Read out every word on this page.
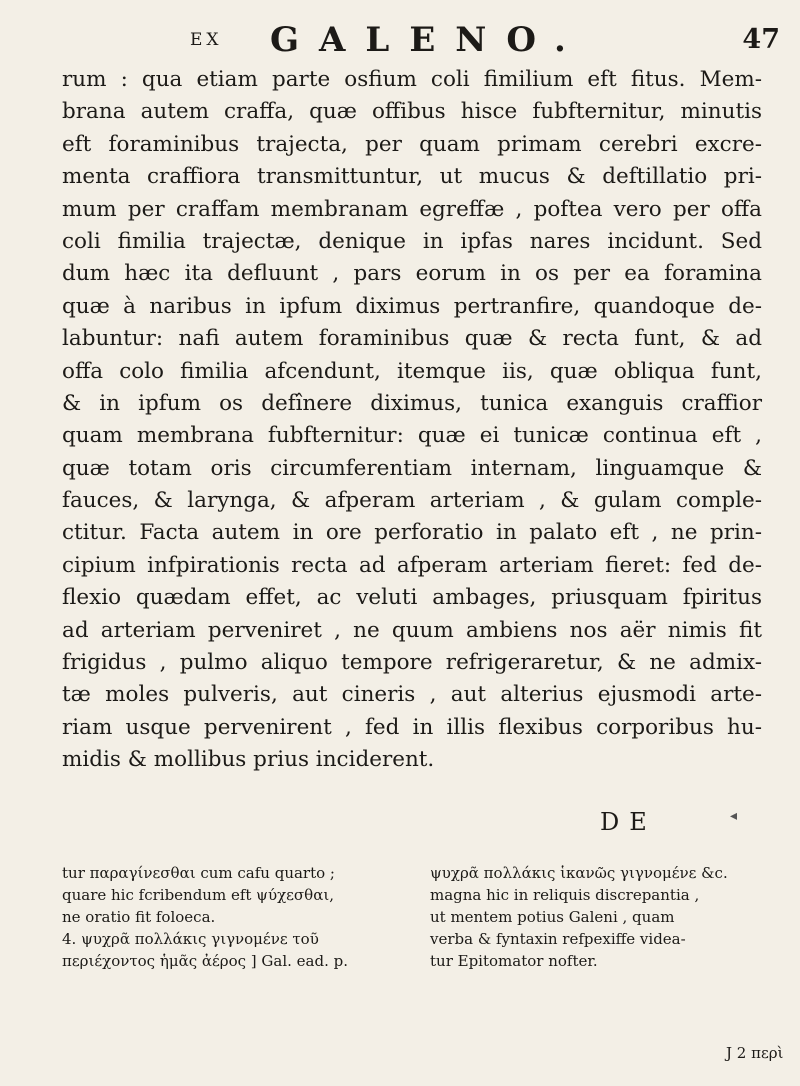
EX GALENO.	47
rum : qua etiam parte osfium coli fimilium eft fitus. Mem-
brana autem craffa, quæ offibus hisce fubfternitur, minutis
eft foraminibus trajecta, per quam primam cerebri excre-
menta craffiora transmittuntur, ut mucus & deftillatio pri-
mum per craffam membranam egreffæ , poftea vero per offa
coli fimilia trajectæ, denique in ipfas nares incidunt. Sed
dum hæc ita defluunt , pars eorum in os per ea foramina
quæ à naribus in ipfum diximus pertranfire, quandoque de-
labuntur: nafi autem foraminibus quæ & recta funt, & ad
offa colo fimilia afcendunt, itemque iis, quæ obliqua funt,
& in ipfum os defînere diximus, tunica exanguis craffior
quam membrana fubfternitur: quæ ei tunicæ continua eft ,
quæ totam oris circumferentiam internam, linguamque &
fauces, & larynga, & afperam arteriam , & gulam comple-
ctitur. Facta autem in ore perforatio in palato eft , ne prin-
cipium infpirationis recta ad afperam arteriam fieret: fed de-
flexio quædam effet, ac veluti ambages, priusquam fpiritus
ad arteriam perveniret , ne quum ambiens nos aër nimis fit
frigidus , pulmo aliquo tempore refrigeraretur, & ne admix-
tæ moles pulveris, aut cineris , aut alterius ejusmodi arte-
riam usque pervenirent , fed in illis flexibus corporibus hu-
midis & mollibus prius inciderent.
DE	◂
tur παραγίνεσθαι cum cafu quarto ;
quare hic fcribendum eft ψύχεσθαι,
ne oratio fit foloeca.
4. ψυχρᾶ πολλάκις γιγνομένε τοῦ
περιέχοντος ἡμᾶς ἀέρος ] Gal. ead. p.
ψυχρᾶ πολλάκις ἱκανῶς γιγνομένε &c.
magna hic in reliquis discrepantia ,
ut mentem potius Galeni , quam
verba & fyntaxin refpexiffe videa-
tur Epitomator nofter.
J 2 περὶ
